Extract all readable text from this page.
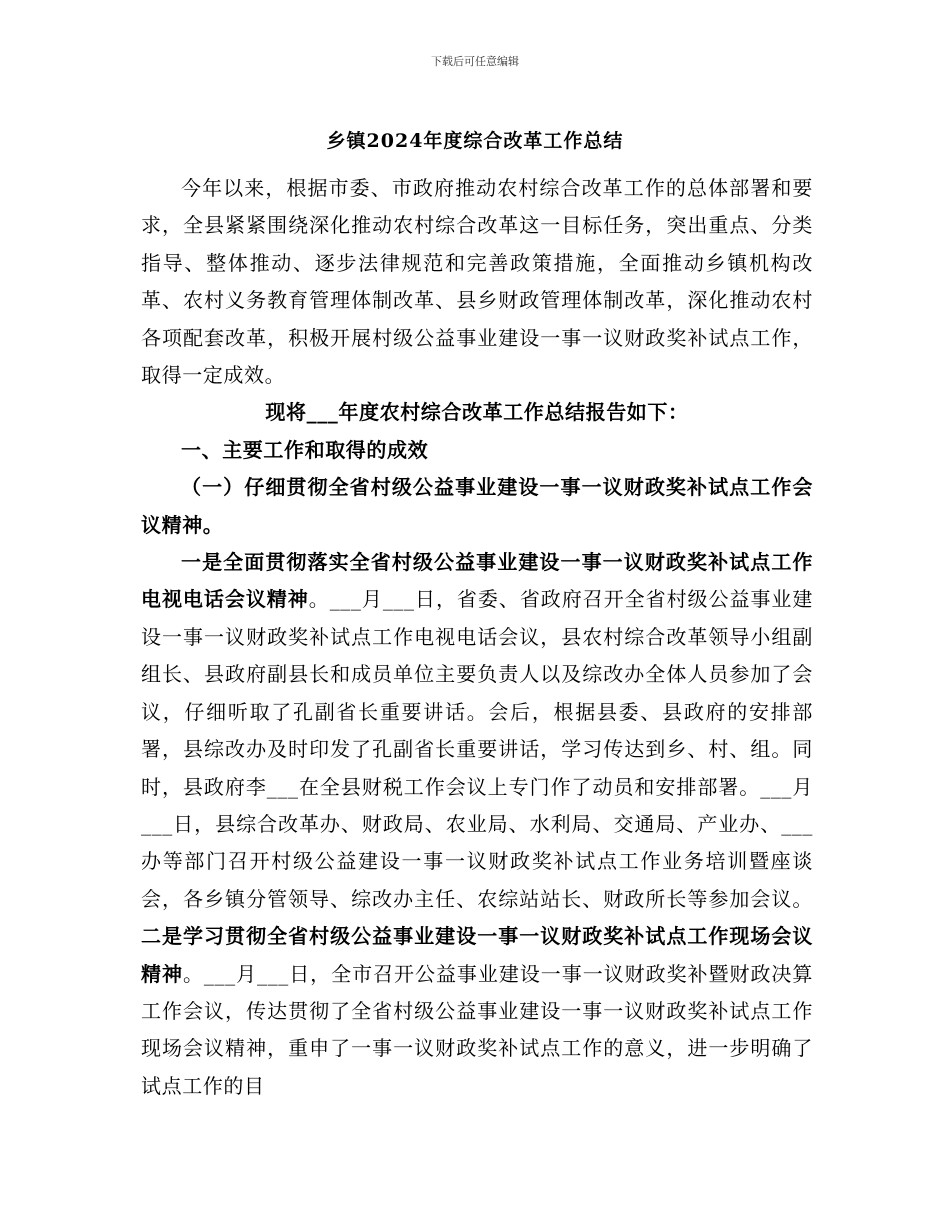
下载后可任意编辑
乡镇2024年度综合改革工作总结

今年以来，根据市委、市政府推动农村综合改革工作的总体部署和要求，全县紧紧围绕深化推动农村综合改革这一目标任务，突出重点、分类指导、整体推动、逐步法律规范和完善政策措施，全面推动乡镇机构改革、农村义务教育管理体制改革、县乡财政管理体制改革，深化推动农村各项配套改革，积极开展村级公益事业建设一事一议财政奖补试点工作，取得一定成效。

现将___年度农村综合改革工作总结报告如下：

一、主要工作和取得的成效

（一）仔细贯彻全省村级公益事业建设一事一议财政奖补试点工作会议精神。

一是全面贯彻落实全省村级公益事业建设一事一议财政奖补试点工作电视电话会议精神。___月___日，省委、省政府召开全省村级公益事业建设一事一议财政奖补试点工作电视电话会议，县农村综合改革领导小组副组长、县政府副县长和成员单位主要负责人以及综改办全体人员参加了会议，仔细听取了孔副省长重要讲话。会后，根据县委、县政府的安排部署，县综改办及时印发了孔副省长重要讲话，学习传达到乡、村、组。同时，县政府李___在全县财税工作会议上专门作了动员和安排部署。___月___日，县综合改革办、财政局、农业局、水利局、交通局、产业办、___办等部门召开村级公益建设一事一议财政奖补试点工作业务培训暨座谈会，各乡镇分管领导、综改办主任、农综站站长、财政所长等参加会议。二是学习贯彻全省村级公益事业建设一事一议财政奖补试点工作现场会议精神。___月___日，全市召开公益事业建设一事一议财政奖补暨财政决算工作会议，传达贯彻了全省村级公益事业建设一事一议财政奖补试点工作现场会议精神，重申了一事一议财政奖补试点工作的意义，进一步明确了试点工作的目
